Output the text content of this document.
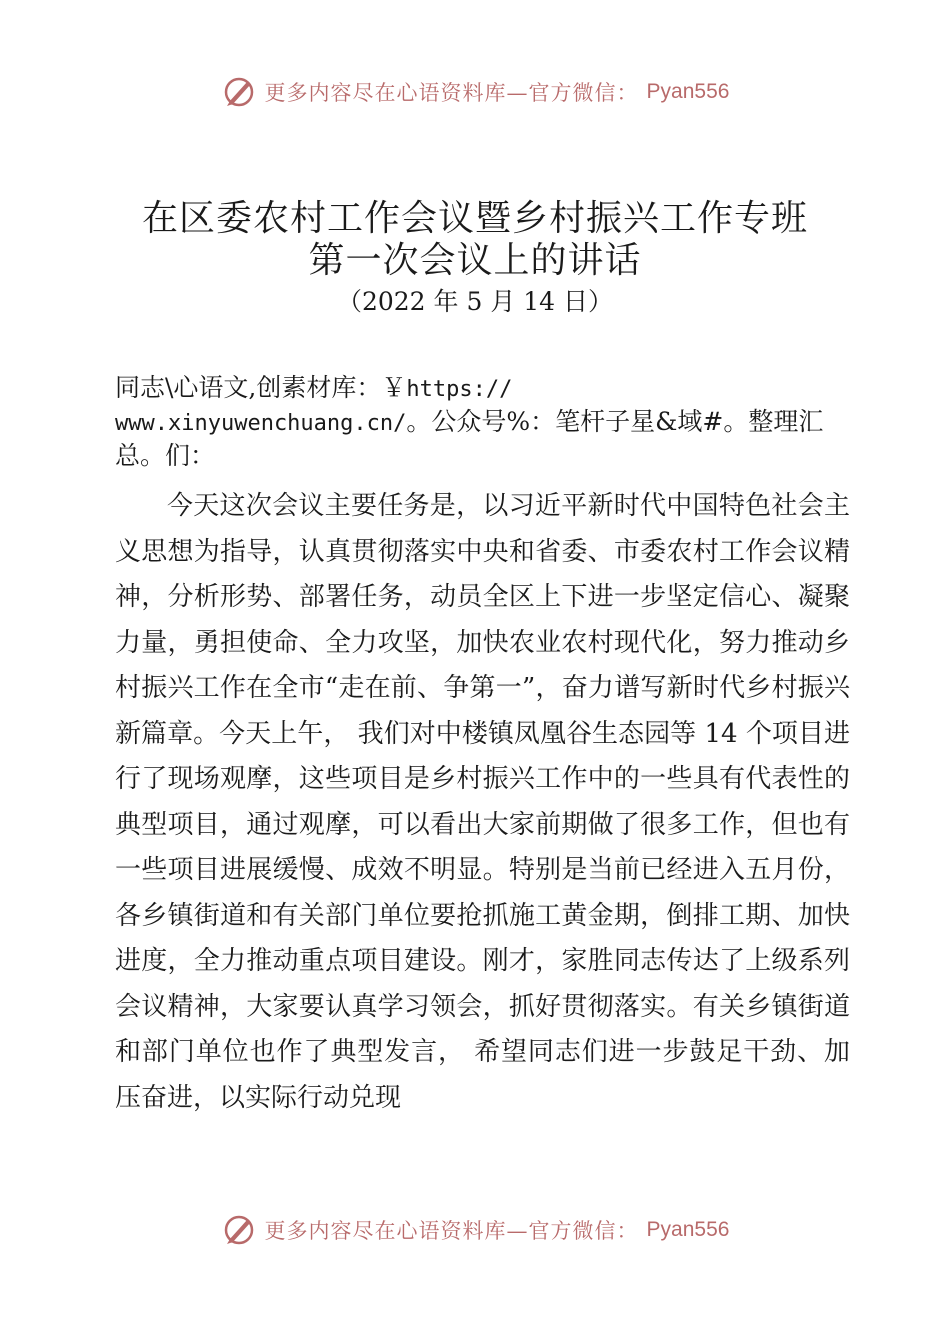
更多内容尽在心语资料库—官方微信： Pyan556
在区委农村工作会议暨乡村振兴工作专班
第一次会议上的讲话
（2022 年 5 月 14 日）
同志\心语文,创素材库：￥https://
www.xinyuwenchuang.cn/。公众号%：笔杆子星&域#。整理汇总。们：

今天这次会议主要任务是，以习近平新时代中国特色社会主义思想为指导，认真贯彻落实中央和省委、市委农村工作会议精神，分析形势、部署任务，动员全区上下进一步坚定信心、凝聚力量，勇担使命、全力攻坚，加快农业农村现代化，努力推动乡村振兴工作在全市“走在前、争第一”，奋力谱写新时代乡村振兴新篇章。今天上午， 我们对中楼镇凤凰谷生态园等 14 个项目进行了现场观摩，这些项目是乡村振兴工作中的一些具有代表性的典型项目，通过观摩，可以看出大家前期做了很多工作，但也有一些项目进展缓慢、成效不明显。特别是当前已经进入五月份，各乡镇街道和有关部门单位要抢抓施工黄金期，倒排工期、加快进度，全力推动重点项目建设。刚才，家胜同志传达了上级系列会议精神，大家要认真学习领会，抓好贯彻落实。有关乡镇街道和部门单位也作了典型发言， 希望同志们进一步鼓足干劲、加压奋进，以实际行动兑现

更多内容尽在心语资料库—官方微信： Pyan556
